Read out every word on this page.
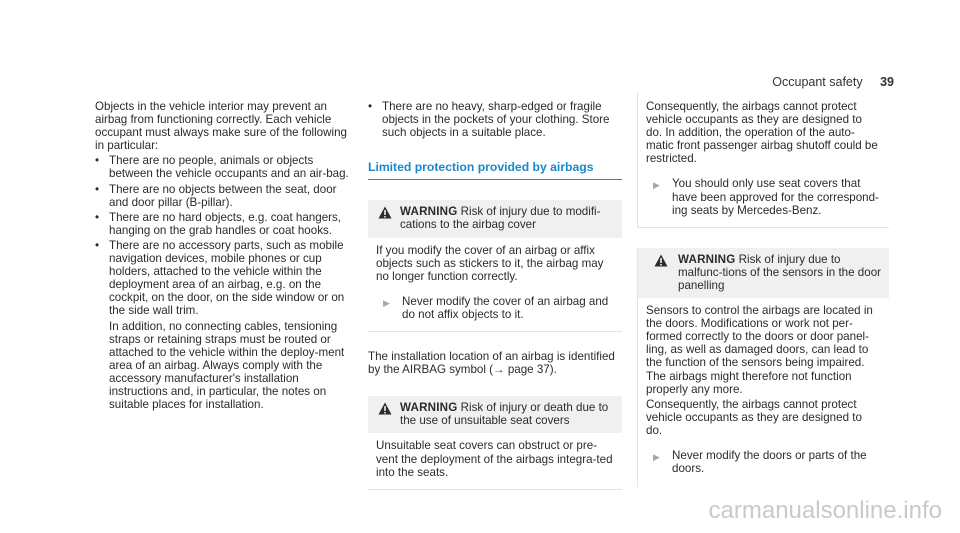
Occupant safety 39

Objects in the vehicle interior may prevent an airbag from functioning correctly. Each vehicle occupant must always make sure of the following in particular:

• There are no people, animals or objects between the vehicle occupants and an air-bag.
• There are no objects between the seat, door and door pillar (B-pillar).
• There are no hard objects, e.g. coat hangers, hanging on the grab handles or coat hooks.
• There are no accessory parts, such as mobile navigation devices, mobile phones or cup holders, attached to the vehicle within the deployment area of an airbag, e.g. on the cockpit, on the door, on the side window or on the side wall trim.

In addition, no connecting cables, tensioning straps or retaining straps must be routed or attached to the vehicle within the deploy-ment area of an airbag. Always comply with the accessory manufacturer's installation instructions and, in particular, the notes on suitable places for installation.

• There are no heavy, sharp-edged or fragile objects in the pockets of your clothing. Store such objects in a suitable place.
Limited protection provided by airbags
WARNING Risk of injury due to modifi-cations to the airbag cover

If you modify the cover of an airbag or affix objects such as stickers to it, the airbag may no longer function correctly.

▶ Never modify the cover of an airbag and do not affix objects to it.

The installation location of an airbag is identified by the AIRBAG symbol (→ page 37).

WARNING Risk of injury or death due to the use of unsuitable seat covers

Unsuitable seat covers can obstruct or pre-vent the deployment of the airbags integra-ted into the seats.

Consequently, the airbags cannot protect vehicle occupants as they are designed to do. In addition, the operation of the auto-matic front passenger airbag shutoff could be restricted.

▶ You should only use seat covers that have been approved for the correspond-ing seats by Mercedes-Benz.
WARNING Risk of injury due to malfunc-tions of the sensors in the door panelling

Sensors to control the airbags are located in the doors. Modifications or work not per-formed correctly to the doors or door panel-ling, as well as damaged doors, can lead to the function of the sensors being impaired. The airbags might therefore not function properly any more.

Consequently, the airbags cannot protect vehicle occupants as they are designed to do.

▶ Never modify the doors or parts of the doors.
carmanualsonline.info
